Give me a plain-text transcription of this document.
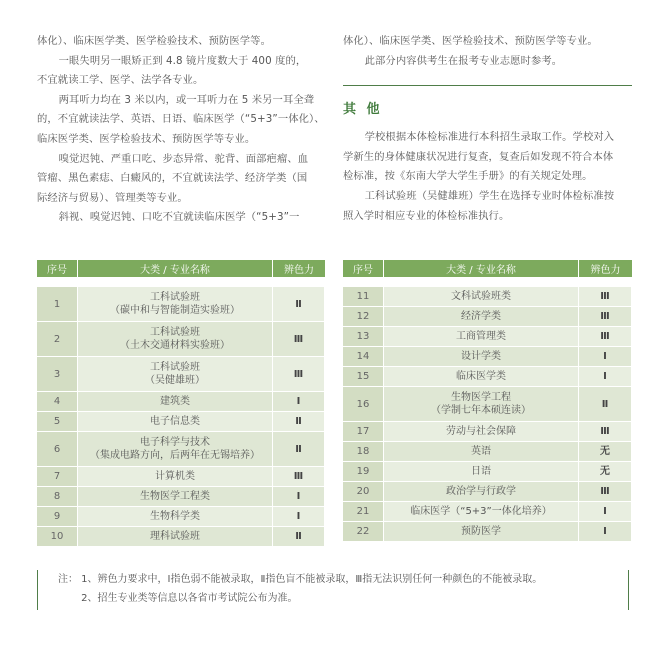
体化）、临床医学类、医学检验技术、预防医学等。
一眼失明另一眼矫正到 4.8 镜片度数大于 400 度的，
不宜就读工学、医学、法学各专业。
两耳听力均在 3 米以内，或一耳听力在 5 米另一耳全聋
的，不宜就读法学、英语、日语、临床医学（“5+3”一体化）、
临床医学类、医学检验技术、预防医学等专业。
嗅觉迟钝、严重口吃、步态异常、驼背、面部疤瘤、血
管瘤、黑色素痣、白癜风的，不宜就读法学、经济学类（国
际经济与贸易）、管理类等专业。
斜视、嗅觉迟钝、口吃不宜就读临床医学（“5+3”一
体化）、临床医学类、医学检验技术、预防医学等专业。
此部分内容供考生在报考专业志愿时参考。
其 他
学校根据本体检标准进行本科招生录取工作。学校对入
学新生的身体健康状况进行复查，复查后如发现不符合本体
检标准，按《东南大学大学生手册》的有关规定处理。
工科试验班（吴健雄班）学生在选择专业时体检标准按
照入学时相应专业的体检标准执行。
序号	大类 / 专业名称	辨色力

1	工科试验班
（碳中和与智能制造实验班）	Ⅱ
2	工科试验班
（土木交通材料实验班）	Ⅲ
3	工科试验班
（吴健雄班）	Ⅲ
4	建筑类	Ⅰ
5	电子信息类	Ⅱ
6	电子科学与技术
（集成电路方向，后两年在无锡培养）	Ⅱ
7	计算机类	Ⅲ
8	生物医学工程类	Ⅰ
9	生物科学类	Ⅰ
10	理科试验班	Ⅱ
序号	大类 / 专业名称	辨色力

11	文科试验班类	Ⅲ
12	经济学类	Ⅲ
13	工商管理类	Ⅲ
14	设计学类	Ⅰ
15	临床医学类	Ⅰ
16	生物医学工程
（学制七年本硕连读）	Ⅱ
17	劳动与社会保障	Ⅲ
18	英语	无
19	日语	无
20	政治学与行政学	Ⅲ
21	临床医学（“5+3”一体化培养）	Ⅰ
22	预防医学	Ⅰ
注： 1、辨色力要求中，Ⅰ指色弱不能被录取，Ⅱ指色盲不能被录取，Ⅲ指无法识别任何一种颜色的不能被录取。
　　 2、招生专业类等信息以各省市考试院公布为准。
